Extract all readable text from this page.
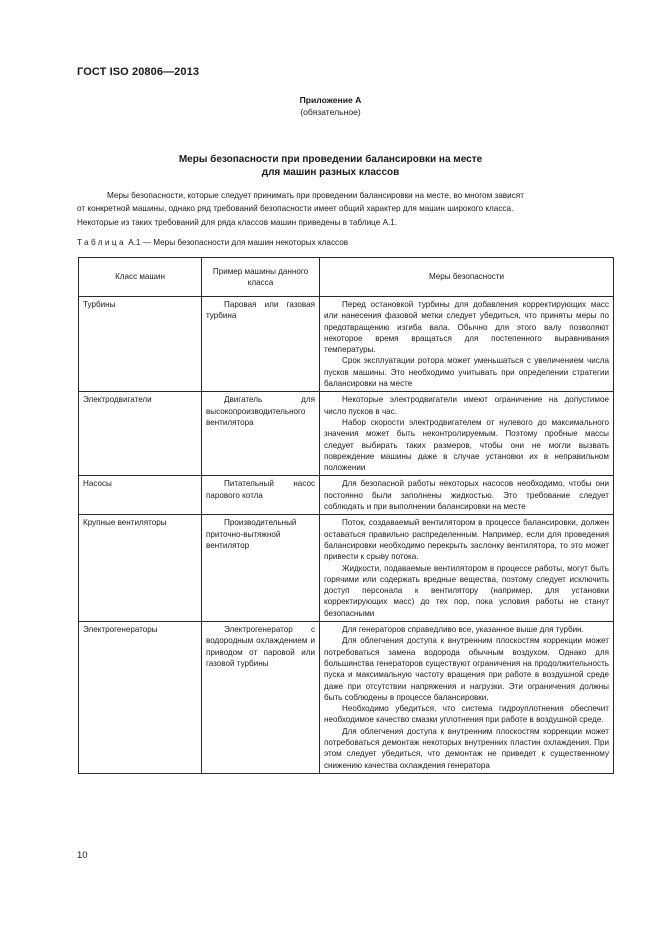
ГОСТ ISO 20806—2013
Приложение А
(обязательное)
Меры безопасности при проведении балансировки на месте
для машин разных классов

Меры безопасности, которые следует принимать при проведении балансировки на месте, во многом зависят

от конкретной машины, однако ряд требований безопасности имеет общий характер для машин широкого класса.

Некоторые из таких требований для ряда классов машин приведены в таблице А.1.

Таблица А.1 — Меры безопасности для машин некоторых классов
Класс машин	Пример машины данного класса	Меры безопасности
Турбины	Паровая или газовая турбина	Перед остановкой турбины для добавления корректирующих масс или нанесения фазовой метки следует убедиться, что приняты меры по предотвращению изгиба вала. Обычно для этого валу позволяют некоторое время вращаться для постепенного выравнивания температуры.

Срок эксплуатации ротора может уменьшаться с увеличением числа пусков машины. Это необходимо учитывать при определении стратегии балансировки на месте

Электродвигатели	Двигатель для высокопроизводительного вентилятора	Некоторые электродвигатели имеют ограничение на допустимое число пусков в час.

Набор скорости электродвигателем от нулевого до максимального значения может быть неконтролируемым. Поэтому пробные массы следует выбирать таких размеров, чтобы они не могли вызвать повреждение машины даже в случае установки их в неправильном положении

Насосы	Питательный насос парового котла	Для безопасной работы некоторых насосов необходимо, чтобы они постоянно были заполнены жидкостью. Это требование следует соблюдать и при выполнении балансировки на месте

Крупные вентиляторы	Производительный приточно-вытяжной вентилятор	Поток, создаваемый вентилятором в процессе балансировки, должен оставаться правильно распределенным. Например, если для проведения балансировки необходимо перекрыть заслонку вентилятора, то это может привести к срыву потока.

Жидкости, подаваемые вентилятором в процессе работы, могут быть горячими или содержать вредные вещества, поэтому следует исключить доступ персонала к вентилятору (например, для установки корректирующих масс) до тех пор, пока условия работы не станут безопасными

Электрогенераторы	Электрогенератор с водородным охлаждением и приводом от паровой или газовой турбины	Для генераторов справедливо все, указанное выше для турбин.

Для облегчения доступа к внутренним плоскостям коррекции может потребоваться замена водорода обычным воздухом. Однако для большинства генераторов существуют ограничения на продолжительность пуска и максимальную частоту вращения при работе в воздушной среде даже при отсутствии напряжения и нагрузки. Эти ограничения должны быть соблюдены в процессе балансировки.

Необходимо убедиться, что система гидроуплотнения обеспечит необходимое качество смазки уплотнения при работе в воздушной среде.

Для облегчения доступа к внутренним плоскостям коррекции может потребоваться демонтаж некоторых внутренних пластин охлаждения. При этом следует убедиться, что демонтаж не приведет к существенному снижению качества охлаждения генератора

10
